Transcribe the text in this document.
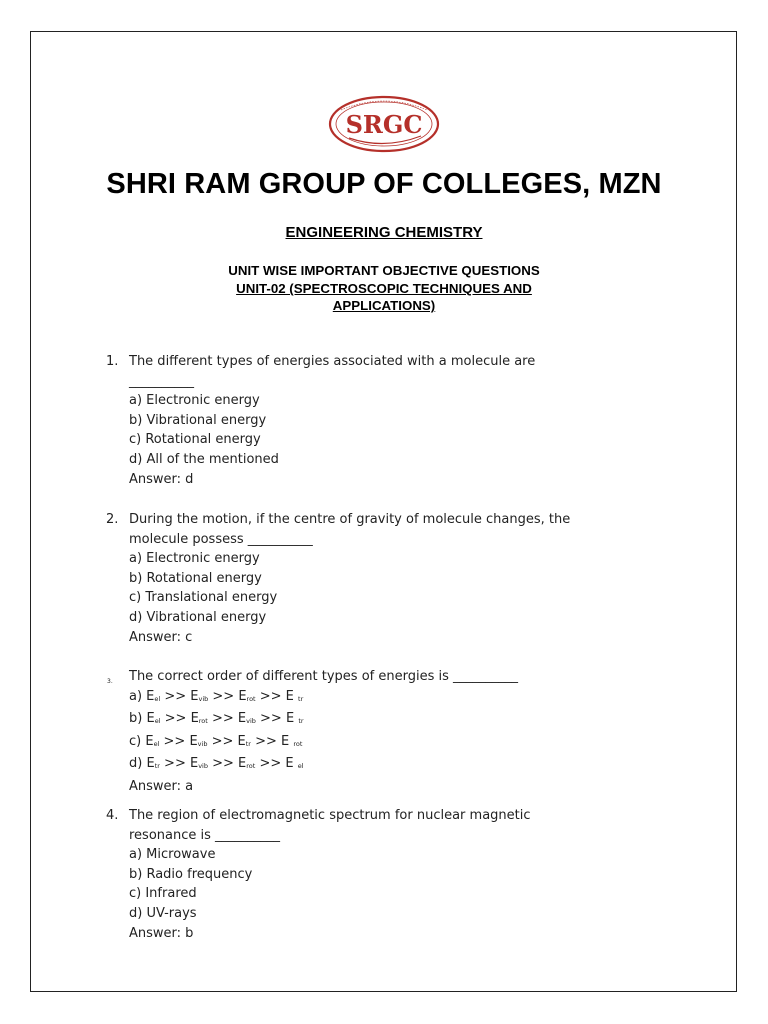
SRGC
SHRI RAM GROUP OF COLLEGES, MZN
ENGINEERING CHEMISTRY
UNIT WISE IMPORTANT OBJECTIVE QUESTIONS
UNIT-02 (SPECTROSCOPIC TECHNIQUES AND
APPLICATIONS)
1. The different types of energies associated with a molecule are
__________
a) Electronic energy
b) Vibrational energy
c) Rotational energy
d) All of the mentioned
Answer: d
2. During the motion, if the centre of gravity of molecule changes, the
molecule possess __________
a) Electronic energy
b) Rotational energy
c) Translational energy
d) Vibrational energy
Answer: c
3. The correct order of different types of energies is __________
a) $E_{el} >> E_{vib} >> E_{rot} >> E$ $_{tr}$
b) $E_{el} >> E_{rot} >> E_{vib} >> E$ $_{tr}$
c) $E_{el} >> E_{vib} >> E_{tr} >> E$ $_{rot}$
d) $E_{tr} >> E_{vib} >> E_{rot} >> E$ $_{el}$
Answer: a
4. The region of electromagnetic spectrum for nuclear magnetic
resonance is __________
a) Microwave
b) Radio frequency
c) Infrared
d) UV-rays
Answer: b
